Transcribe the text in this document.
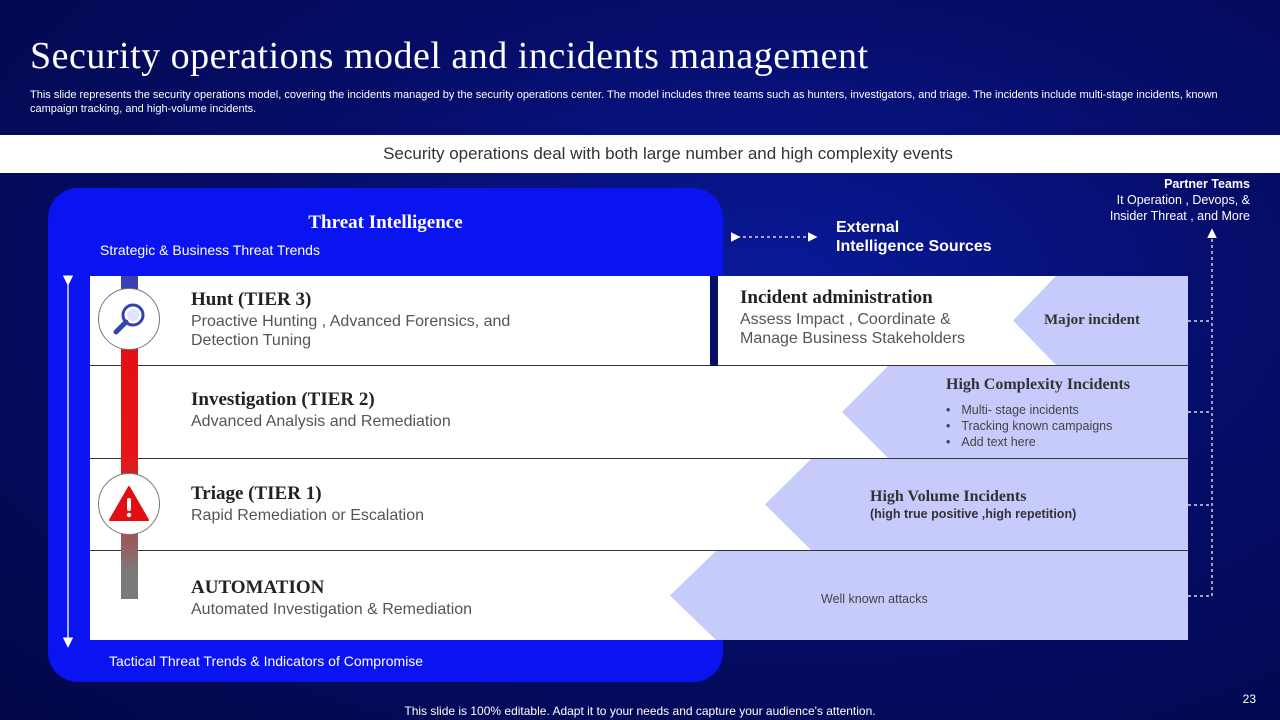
Security operations model and incidents management
This slide represents the security operations model, covering the incidents managed by the security operations center. The model includes three teams such as hunters, investigators, and triage. The incidents include multi-stage incidents, known campaign tracking, and high-volume incidents.
Security operations deal with both large number and high complexity events
Threat Intelligence
Strategic & Business Threat Trends
Tactical Threat Trends & Indicators of Compromise
Hunt (TIER 3)
Proactive Hunting , Advanced Forensics, and
Detection Tuning
Investigation (TIER 2)
Advanced Analysis and Remediation
Triage (TIER 1)
Rapid Remediation or Escalation
AUTOMATION
Automated Investigation & Remediation
Incident administration
Assess Impact , Coordinate &
Manage Business Stakeholders
Major incident
High Complexity Incidents
• Multi- stage incidents
• Tracking known campaigns
• Add text here
High Volume Incidents
(high true positive ,high repetition)
Well known attacks
External
Intelligence Sources
Partner Teams
It Operation , Devops, &
Insider Threat , and More
This slide is 100% editable. Adapt it to your needs and capture your audience's attention.
23
